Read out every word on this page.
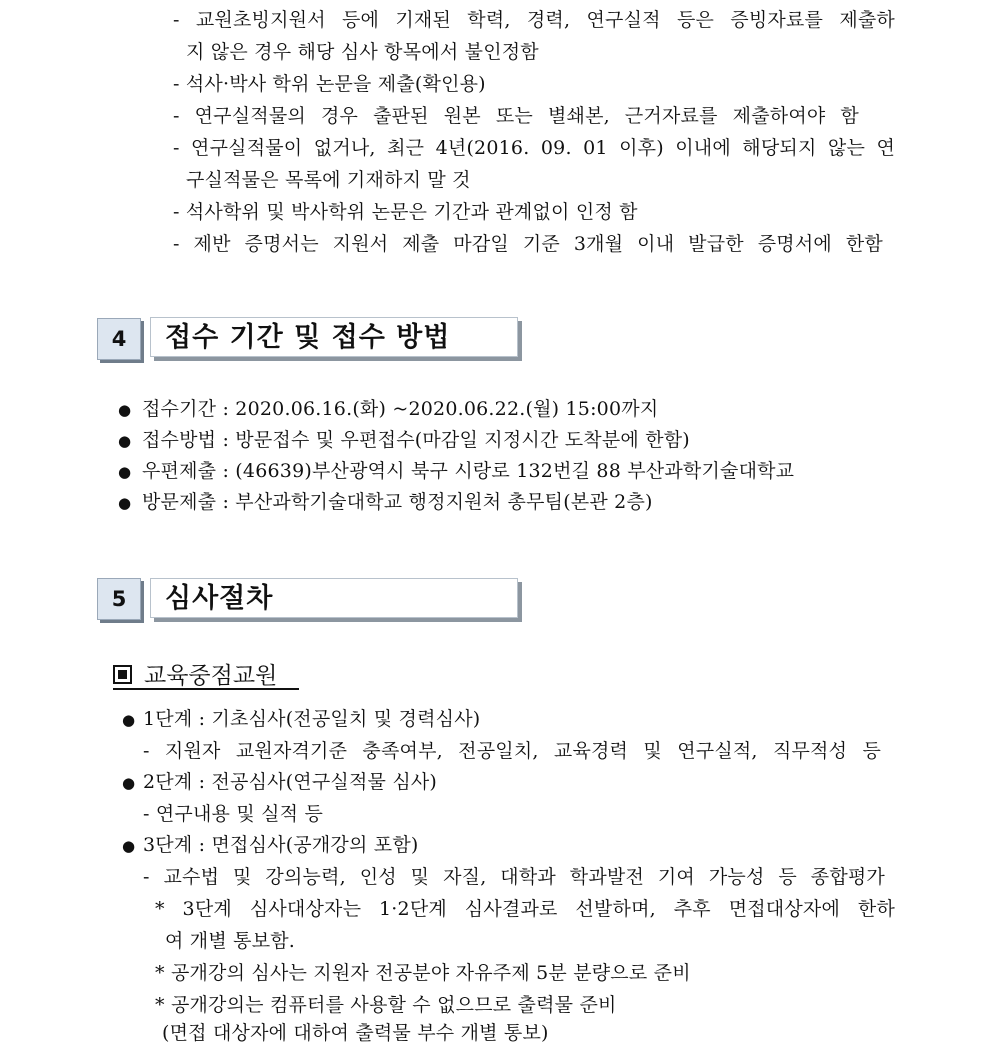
- 교원초빙지원서 등에 기재된 학력, 경력, 연구실적 등은 증빙자료를 제출하
지 않은 경우 해당 심사 항목에서 불인정함
- 석사·박사 학위 논문을 제출(확인용)
- 연구실적물의 경우 출판된 원본 또는 별쇄본, 근거자료를 제출하여야 함
- 연구실적물이 없거나, 최근 4년(2016. 09. 01 이후) 이내에 해당되지 않는 연
구실적물은 목록에 기재하지 말 것
- 석사학위 및 박사학위 논문은 기간과 관계없이 인정 함
- 제반 증명서는 지원서 제출 마감일 기준 3개월 이내 발급한 증명서에 한함
4	접수 기간 및 접수 방법
● 접수기간 : 2020.06.16.(화) ~2020.06.22.(월) 15:00까지
● 접수방법 : 방문접수 및 우편접수(마감일 지정시간 도착분에 한함)
● 우편제출 : (46639)부산광역시 북구 시랑로 132번길 88 부산과학기술대학교
● 방문제출 : 부산과학기술대학교 행정지원처 총무팀(본관 2층)
5	심사절차
교육중점교원
● 1단계 : 기초심사(전공일치 및 경력심사)
- 지원자 교원자격기준 충족여부, 전공일치, 교육경력 및 연구실적, 직무적성 등
● 2단계 : 전공심사(연구실적물 심사)
- 연구내용 및 실적 등
● 3단계 : 면접심사(공개강의 포함)
- 교수법 및 강의능력, 인성 및 자질, 대학과 학과발전 기여 가능성 등 종합평가
* 3단계 심사대상자는 1·2단계 심사결과로 선발하며, 추후 면접대상자에 한하
여 개별 통보함.
* 공개강의 심사는 지원자 전공분야 자유주제 5분 분량으로 준비
* 공개강의는 컴퓨터를 사용할 수 없으므로 출력물 준비
(면접 대상자에 대하여 출력물 부수 개별 통보)
